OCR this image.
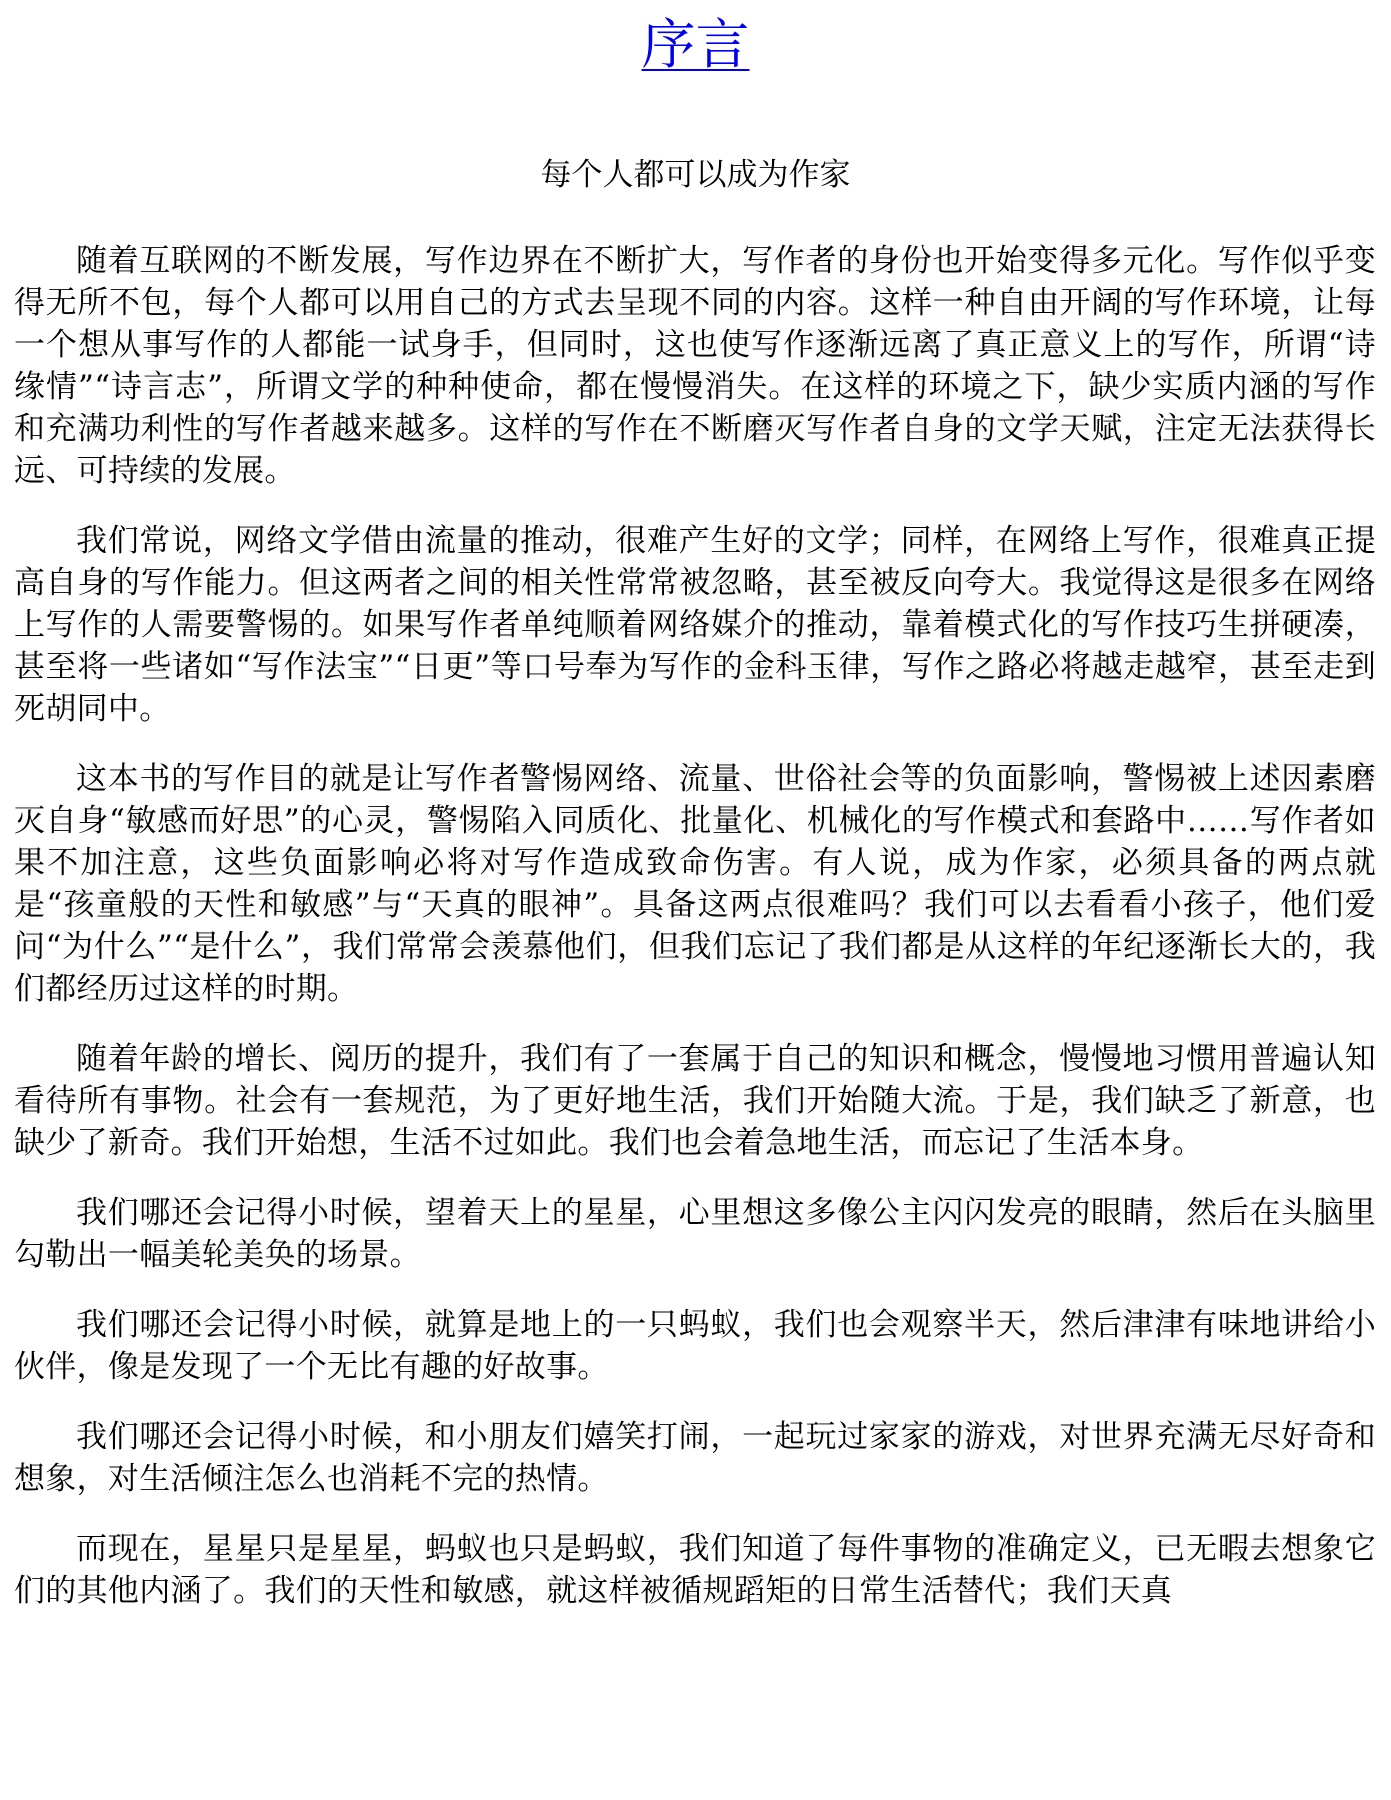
序言
每个人都可以成为作家

随着互联网的不断发展，写作边界在不断扩大，写作者的身份也开始变得多元化。写作似乎变得无所不包，每个人都可以用自己的方式去呈现不同的内容。这样一种自由开阔的写作环境，让每一个想从事写作的人都能一试身手，但同时，这也使写作逐渐远离了真正意义上的写作，所谓“诗缘情”“诗言志”，所谓文学的种种使命，都在慢慢消失。在这样的环境之下，缺少实质内涵的写作和充满功利性的写作者越来越多。这样的写作在不断磨灭写作者自身的文学天赋，注定无法获得长远、可持续的发展。

我们常说，网络文学借由流量的推动，很难产生好的文学；同样，在网络上写作，很难真正提高自身的写作能力。但这两者之间的相关性常常被忽略，甚至被反向夸大。我觉得这是很多在网络上写作的人需要警惕的。如果写作者单纯顺着网络媒介的推动，靠着模式化的写作技巧生拼硬凑，甚至将一些诸如“写作法宝”“日更”等口号奉为写作的金科玉律，写作之路必将越走越窄，甚至走到死胡同中。

这本书的写作目的就是让写作者警惕网络、流量、世俗社会等的负面影响，警惕被上述因素磨灭自身“敏感而好思”的心灵，警惕陷入同质化、批量化、机械化的写作模式和套路中……写作者如果不加注意，这些负面影响必将对写作造成致命伤害。有人说，成为作家，必须具备的两点就是“孩童般的天性和敏感”与“天真的眼神”。具备这两点很难吗？我们可以去看看小孩子，他们爱问“为什么”“是什么”，我们常常会羡慕他们，但我们忘记了我们都是从这样的年纪逐渐长大的，我们都经历过这样的时期。

随着年龄的增长、阅历的提升，我们有了一套属于自己的知识和概念，慢慢地习惯用普遍认知看待所有事物。社会有一套规范，为了更好地生活，我们开始随大流。于是，我们缺乏了新意，也缺少了新奇。我们开始想，生活不过如此。我们也会着急地生活，而忘记了生活本身。

我们哪还会记得小时候，望着天上的星星，心里想这多像公主闪闪发亮的眼睛，然后在头脑里勾勒出一幅美轮美奂的场景。

我们哪还会记得小时候，就算是地上的一只蚂蚁，我们也会观察半天，然后津津有味地讲给小伙伴，像是发现了一个无比有趣的好故事。

我们哪还会记得小时候，和小朋友们嬉笑打闹，一起玩过家家的游戏，对世界充满无尽好奇和想象，对生活倾注怎么也消耗不完的热情。

而现在，星星只是星星，蚂蚁也只是蚂蚁，我们知道了每件事物的准确定义，已无暇去想象它们的其他内涵了。我们的天性和敏感，就这样被循规蹈矩的日常生活替代；我们天真
